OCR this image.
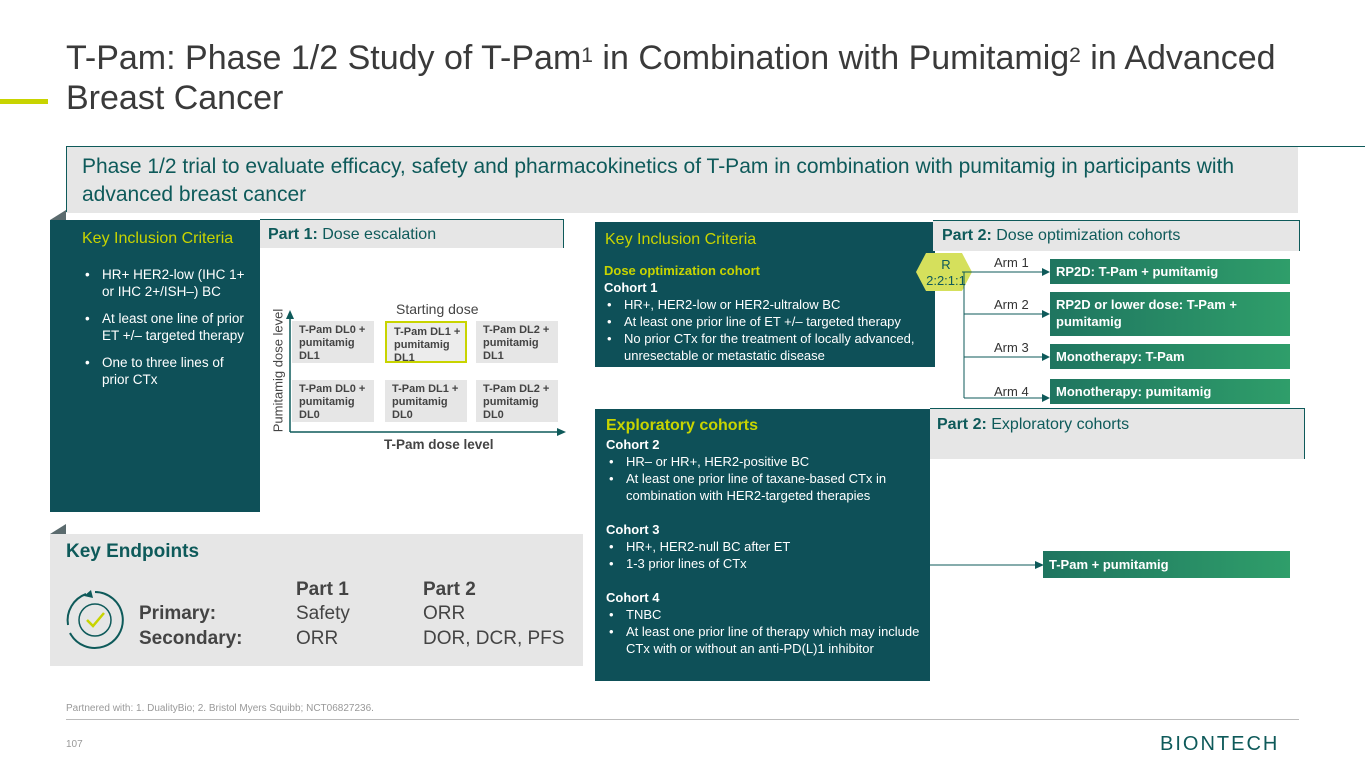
T-Pam: Phase 1/2 Study of T-Pam$^1$ in Combination with Pumitamig$^2$ in Advanced Breast Cancer
Phase 1/2 trial to evaluate efficacy, safety and pharmacokinetics of T-Pam in combination with pumitamig in participants with advanced breast cancer
Key Inclusion Criteria
• HR+ HER2-low (IHC 1+ or IHC 2+/ISH–) BC
• At least one line of prior ET +/– targeted therapy
• One to three lines of prior CTx
Part 1: Dose escalation
Starting dose
Pumitamig dose level	T-Pam DL0 + pumitamig DL1
T-Pam DL1 + pumitamig DL1
T-Pam DL2 + pumitamig DL1
T-Pam DL0 + pumitamig DL0
T-Pam DL1 + pumitamig DL0
T-Pam DL2 + pumitamig DL0
T-Pam dose level
Key Inclusion Criteria
Dose optimization cohort
Cohort 1
• HR+, HER2-low or HER2-ultralow BC
• At least one prior line of ET +/– targeted therapy
• No prior CTx for the treatment of locally advanced, unresectable or metastatic disease
Part 2: Dose optimization cohorts
R
2:2:1:1
Arm 1
RP2D: T-Pam + pumitamig
Arm 2	RP2D or lower dose: T-Pam + pumitamig
Arm 3
Monotherapy: T-Pam
Arm 4	Monotherapy: pumitamig
Exploratory cohorts
Cohort 2
• HR– or HR+, HER2-positive BC
• At least one prior line of taxane-based CTx in combination with HER2-targeted therapies
Cohort 3
• HR+, HER2-null BC after ET
• 1-3 prior lines of CTx
Cohort 4
• TNBC
• At least one prior line of therapy which may include CTx with or without an anti-PD(L)1 inhibitor
Part 2: Exploratory cohorts
T-Pam + pumitamig
Key Endpoints
Part 1	Part 2
Primary:	Safety	ORR
Secondary:	ORR	DOR, DCR, PFS
Partnered with: 1. DualityBio; 2. Bristol Myers Squibb; NCT06827236.
107	BIONTECH
